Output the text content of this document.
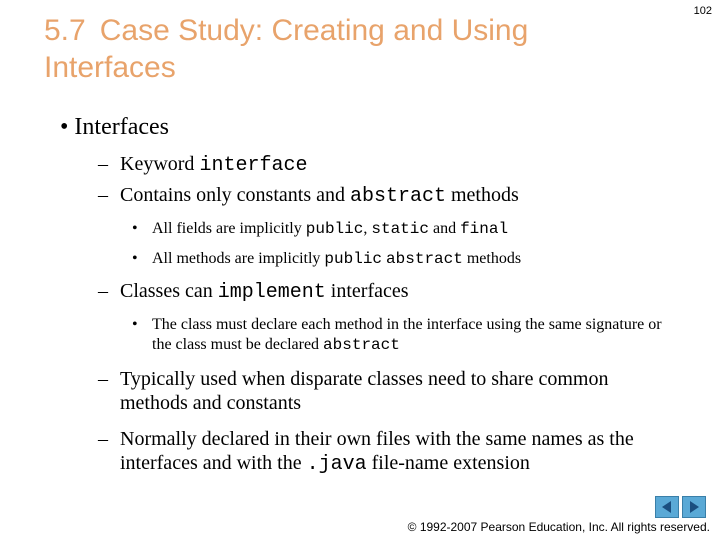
102
5.7 Case Study: Creating and Using Interfaces
• Interfaces
– Keyword interface
– Contains only constants and abstract methods
• All fields are implicitly public, static and final
• All methods are implicitly public abstract methods
– Classes can implement interfaces
• The class must declare each method in the interface using the same signature or the class must be declared abstract
– Typically used when disparate classes need to share common methods and constants
– Normally declared in their own files with the same names as the interfaces and with the .java file-name extension
© 1992-2007 Pearson Education, Inc. All rights reserved.
